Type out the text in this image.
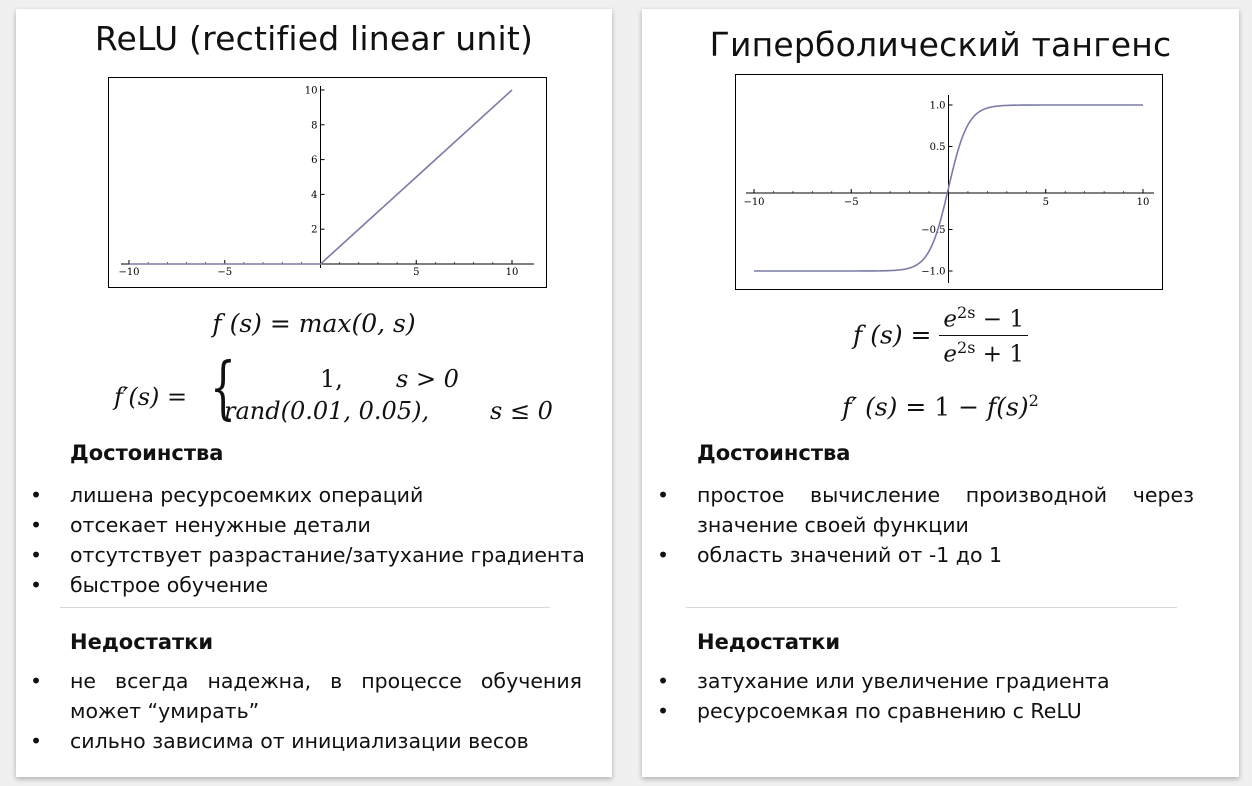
ReLU (rectified linear unit)
−10	−5	5	10
2
4
6
8
10
f (s) = max(0, s)
f′(s) = {	1, s > 0
rand(0.01, 0.05),	s ≤ 0
Достоинства
• лишена ресурсоемких операций
• отсекает ненужные детали
• отсутствует разрастание/затухание градиента
• быстрое обучение
Недостатки
• не всегда надежна, в процессе обучения может “умирать”
• сильно зависима от инициализации весов
Гиперболический тангенс
−10	−5	5	10
−1.0
−0.5
0.5
1.0
f $(s) = \frac{e^{2s} - 1}{e^{2s} + 1}$
f′ $(s) = 1 - f(s)^2$
Достоинства
• простое вычисление производной через значение своей функции
• область значений от -1 до 1
Недостатки
• затухание или увеличение градиента
• ресурсоемкая по сравнению с ReLU
